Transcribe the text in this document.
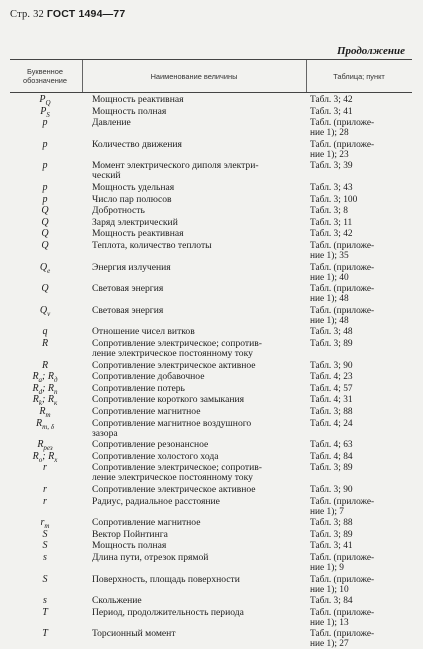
Стр. 32 ГОСТ 1494—77
Продолжение
Буквенное
обозначение	Наименование величины	Таблица; пункт
$P_Q$	Мощность реактивная	Табл. 3; 42
$P_S$	Мощность полная	Табл. 3; 41
p	Давление	Табл. (приложе-
ние 1); 28
p	Количество движения	Табл. (приложе-
ние 1); 23
p	Момент электрического диполя электри-
ческий
Табл. 3; 39
p	Мощность удельная	Табл. 3; 43
p	Число пар полюсов	Табл. 3; 100
Q	Добротность	Табл. 3; 8
Q	Заряд электрический	Табл. 3; 11
Q	Мощность реактивная	Табл. 3; 42
Q	Теплота, количество теплоты	Табл. (приложе-
ние 1); 35
$Q_e$	Энергия излучения	Табл. (приложе-
ние 1); 40
Q	Световая энергия	Табл. (приложе-
ние 1); 48
$Q_v$	Световая энергия	Табл. (приложе-
ние 1); 48
q	Отношение чисел витков	Табл. 3; 48
R	Сопротивление электрическое; сопротив-
ление электрическое постоянному току
Табл. 3; 89
R	Сопротивление электрическое активное	Табл. 3; 90
$R_a$; $R_д$	Сопротивление добавочное	Табл. 4; 23
$R_d$; $R_п$	Сопротивление потерь	Табл. 4; 57
$R_k$; $R_к$	Сопротивление короткого замыкания	Табл. 4; 31
$R_m$	Сопротивление магнитное	Табл. 3; 88
$R_{m, \delta}$	Сопротивление магнитное воздушного
зазора
Табл. 4; 24
$R_{рез}$	Сопротивление резонансное	Табл. 4; 63
$R_o$; $R_х$	Сопротивление холостого хода	Табл. 4; 84
r	Сопротивление электрическое; сопротив-
ление электрическое постоянному току
Табл. 3; 89
r	Сопротивление электрическое активное	Табл. 3; 90
r	Радиус, радиальное расстояние	Табл. (приложе-
ние 1); 7
$r_m$	Сопротивление магнитное	Табл. 3; 88
S	Вектор Пойнтинга	Табл. 3; 89
S	Мощность полная	Табл. 3; 41
s	Длина пути, отрезок прямой	Табл. (приложе-
ние 1); 9
S	Поверхность, площадь поверхности	Табл. (приложе-
ние 1); 10
s	Скольжение	Табл. 3; 84
T	Период, продолжительность периода	Табл. (приложе-
ние 1); 13
T	Торсионный момент	Табл. (приложе-
ние 1); 27
